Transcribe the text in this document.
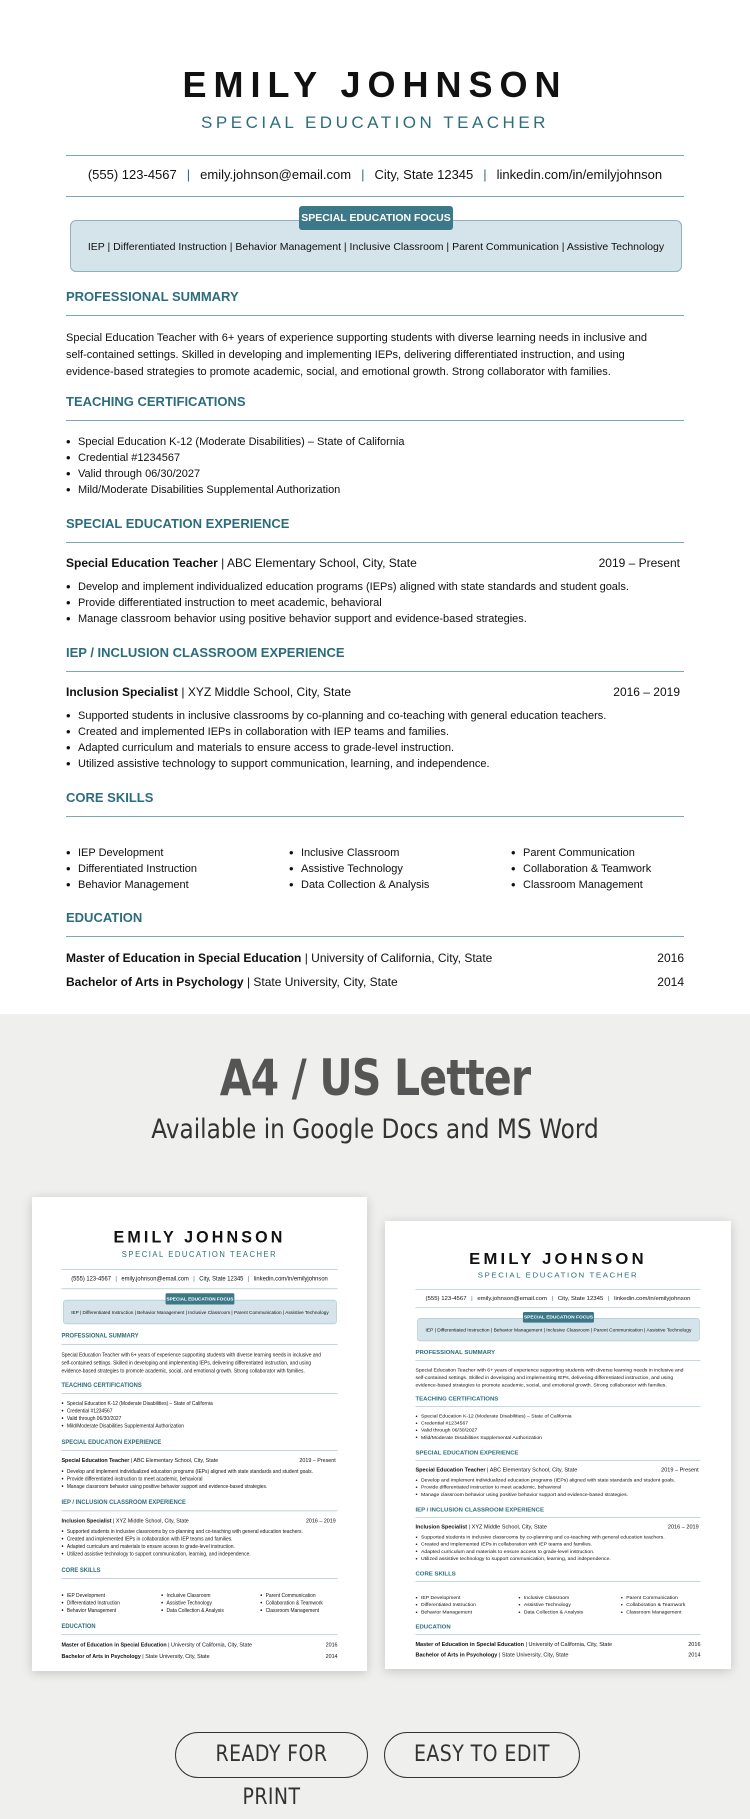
EMILY JOHNSON
SPECIAL EDUCATION TEACHER
(555) 123-4567 | emily.johnson@email.com | City, State 12345 | linkedin.com/in/emilyjohnson
SPECIAL EDUCATION FOCUS
IEP | Differentiated Instruction | Behavior Management | Inclusive Classroom | Parent Communication | Assistive Technology
PROFESSIONAL SUMMARY
Special Education Teacher with 6+ years of experience supporting students with diverse learning needs in inclusive and
self-contained settings. Skilled in developing and implementing IEPs, delivering differentiated instruction, and using
evidence-based strategies to promote academic, social, and emotional growth. Strong collaborator with families.
TEACHING CERTIFICATIONS
• Special Education K-12 (Moderate Disabilities) – State of California
• Credential #1234567
• Valid through 06/30/2027
• Mild/Moderate Disabilities Supplemental Authorization
SPECIAL EDUCATION EXPERIENCE
Special Education Teacher | ABC Elementary School, City, State	2019 – Present
• Develop and implement individualized education programs (IEPs) aligned with state standards and student goals.
• Provide differentiated instruction to meet academic, behavioral
• Manage classroom behavior using positive behavior support and evidence-based strategies.
IEP / INCLUSION CLASSROOM EXPERIENCE
Inclusion Specialist | XYZ Middle School, City, State	2016 – 2019
• Supported students in inclusive classrooms by co-planning and co-teaching with general education teachers.
• Created and implemented IEPs in collaboration with IEP teams and families.
• Adapted curriculum and materials to ensure access to grade-level instruction.
• Utilized assistive technology to support communication, learning, and independence.
CORE SKILLS
• IEP Development
• Differentiated Instruction
• Behavior Management
• Inclusive Classroom
• Assistive Technology
• Data Collection & Analysis
• Parent Communication
• Collaboration & Teamwork
• Classroom Management
EDUCATION
Master of Education in Special Education | University of California, City, State	2016
Bachelor of Arts in Psychology | State University, City, State	2014
A4 / US Letter
Available in Google Docs and MS Word
EMILY JOHNSON
SPECIAL EDUCATION TEACHER
(555) 123-4567 | emily.johnson@email.com | City, State 12345 | linkedin.com/in/emilyjohnson
SPECIAL EDUCATION FOCUS
IEP | Differentiated Instruction | Behavior Management | Inclusive Classroom | Parent Communication | Assistive Technology
PROFESSIONAL SUMMARY
Special Education Teacher with 6+ years of experience supporting students with diverse learning needs in inclusive and
self-contained settings. Skilled in developing and implementing IEPs, delivering differentiated instruction, and using
evidence-based strategies to promote academic, social, and emotional growth. Strong collaborator with families.
TEACHING CERTIFICATIONS
• Special Education K-12 (Moderate Disabilities) – State of California
• Credential #1234567
• Valid through 06/30/2027
• Mild/Moderate Disabilities Supplemental Authorization
SPECIAL EDUCATION EXPERIENCE
Special Education Teacher | ABC Elementary School, City, State	2019 – Present
• Develop and implement individualized education programs (IEPs) aligned with state standards and student goals.
• Provide differentiated instruction to meet academic, behavioral
• Manage classroom behavior using positive behavior support and evidence-based strategies.
IEP / INCLUSION CLASSROOM EXPERIENCE
Inclusion Specialist | XYZ Middle School, City, State	2016 – 2019
• Supported students in inclusive classrooms by co-planning and co-teaching with general education teachers.
• Created and implemented IEPs in collaboration with IEP teams and families.
• Adapted curriculum and materials to ensure access to grade-level instruction.
• Utilized assistive technology to support communication, learning, and independence.
CORE SKILLS
• IEP Development
• Differentiated Instruction
• Behavior Management
• Inclusive Classroom
• Assistive Technology
• Data Collection & Analysis
• Parent Communication
• Collaboration & Teamwork
• Classroom Management
EDUCATION
Master of Education in Special Education | University of California, City, State	2016
Bachelor of Arts in Psychology | State University, City, State	2014
EMILY JOHNSON
SPECIAL EDUCATION TEACHER
(555) 123-4567 | emily.johnson@email.com | City, State 12345 | linkedin.com/in/emilyjohnson
SPECIAL EDUCATION FOCUS
IEP | Differentiated Instruction | Behavior Management | Inclusive Classroom | Parent Communication | Assistive Technology
PROFESSIONAL SUMMARY
Special Education Teacher with 6+ years of experience supporting students with diverse learning needs in inclusive and
self-contained settings. Skilled in developing and implementing IEPs, delivering differentiated instruction, and using
evidence-based strategies to promote academic, social, and emotional growth. Strong collaborator with families.
TEACHING CERTIFICATIONS
• Special Education K-12 (Moderate Disabilities) – State of California
• Credential #1234567
• Valid through 06/30/2027
• Mild/Moderate Disabilities Supplemental Authorization
SPECIAL EDUCATION EXPERIENCE
Special Education Teacher | ABC Elementary School, City, State	2019 – Present
• Develop and implement individualized education programs (IEPs) aligned with state standards and student goals.
• Provide differentiated instruction to meet academic, behavioral
• Manage classroom behavior using positive behavior support and evidence-based strategies.
IEP / INCLUSION CLASSROOM EXPERIENCE
Inclusion Specialist | XYZ Middle School, City, State	2016 – 2019
• Supported students in inclusive classrooms by co-planning and co-teaching with general education teachers.
• Created and implemented IEPs in collaboration with IEP teams and families.
• Adapted curriculum and materials to ensure access to grade-level instruction.
• Utilized assistive technology to support communication, learning, and independence.
CORE SKILLS
• IEP Development
• Differentiated Instruction
• Behavior Management
• Inclusive Classroom
• Assistive Technology
• Data Collection & Analysis
• Parent Communication
• Collaboration & Teamwork
• Classroom Management
EDUCATION
Master of Education in Special Education | University of California, City, State	2016
Bachelor of Arts in Psychology | State University, City, State	2014
READY FOR PRINT
EASY TO EDIT
